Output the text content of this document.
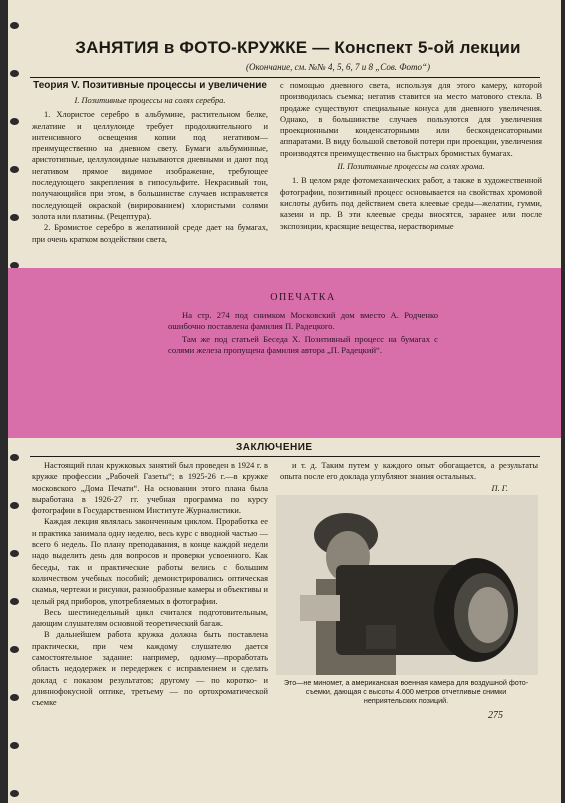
ЗАНЯТИЯ в ФОТО-КРУЖКЕ — Конспект 5-ой лекции
(Окончание, см. №№ 4, 5, 6, 7 и 8 „Сов. Фото“)
Теория V. Позитивные процессы и увеличение
I. Позитивные процессы на солях серебра.

1. Хлористое серебро в альбумине, растительном белке, желатине и целлулоиде требует продолжительного и интенсивного освещения копии под негативом—преимущественно на дневном свету. Бумаги альбуминные, аристотипные, целлулоидные называются дневными и дают под негативом прямое видимое изображение, требующее последующего закрепления в гипосульфите. Некрасивый тон, получающийся при этом, в большинстве случаев исправляется последующей окраской (вирированием) хлористыми солями золота или платины. (Рецептура).

2. Бромистое серебро в желатинной среде дает на бумагах, при очень кратком воздействии света,

с помощью дневного света, используя для этого камеру, которой производилась съемка; негатив ставится на место матового стекла. В продаже существуют специальные конуса для дневного увеличения. Однако, в большинстве случаев пользуются для увеличения проекционными конденсаторными или бесконденсаторными аппаратами. В виду большой световой потери при проекции, увеличения производятся преимущественно на быстрых бромистых бумагах.

II. Позитивные процессы на солях хрома.

1. В целом ряде фотомеханических работ, а также в художественной фотографии, позитивный процесс основывается на свойствах хромовой кислоты дубить под действием света клеевые среды—желатин, гумми, казеин и пр. В эти клеевые среды вносятся, заранее или после экспозиции, красящие вещества, нерастворимые

ОПЕЧАТКА

На стр. 274 под снимком Московский дом вместо А. Родченко ошибочно поставлена фамилия П. Радецкого.

Там же под статьей Беседа Х. Позитивный процесс на бумагах с солями железа пропущена фамилия автора „П. Радецкий“.

ЗАКЛЮЧЕНИЕ

Настоящий план кружковых занятий был проведен в 1924 г. в кружке профессии „Рабочей Газеты“; в 1925-26 г.—в кружке московского „Дома Печати“. На основании этого плана была выработана в 1926-27 гг. учебная программа по курсу фотографии в Государственном Институте Журналистики.

Каждая лекция являлась законченным циклом. Проработка ее и практика занимала одну неделю, весь курс с вводной частью — всего 6 недель. По плану преподавания, в конце каждой недели надо выделить день для вопросов и проверки усвоенного. Как беседы, так и практические работы велись с большим количеством учебных пособий; демонстрировались оптическая скамья, чертежи и рисунки, разнообразные камеры и объективы и целый ряд приборов, употребляемых в фотографии.

Весь шестинедельный цикл считался подготовительным, дающим слушателям основной теоретический багаж.

В дальнейшем работа кружка должна быть поставлена практически, при чем каждому слушателю дается самостоятельное задание: например, одному—проработать область недодержек и передержек с исправлением и сделать доклад с показом результатов; другому — по коротко- и длиннофокусной оптике, третьему — по ортохроматической съемке

и т. д. Таким путем у каждого опыт обогащается, а результаты опыта после его доклада углубляют знания остальных.

П. Г.
Это—не миномет, а американская военная камера для воздушной фото-съемки, дающая с высоты 4.000 метров отчетливые снимки неприятельских позиций.
275
